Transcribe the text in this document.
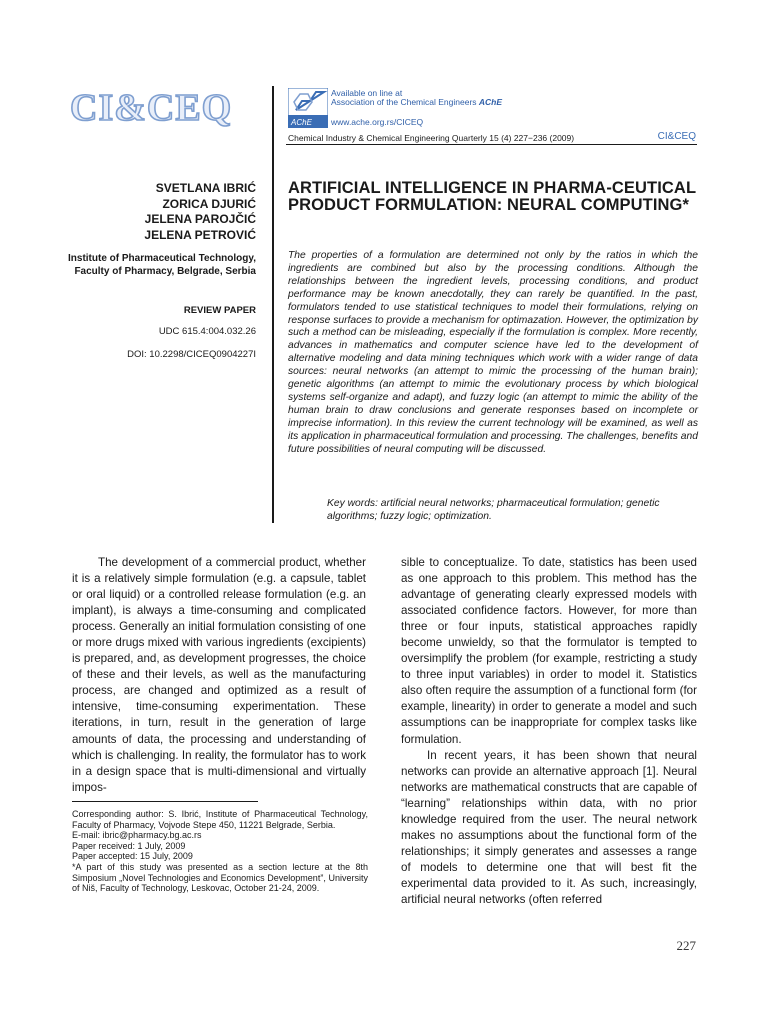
CI&CEQ	AChE
Available on line at
Association of the Chemical Engineers AChE
www.ache.org.rs/CICEQ
Chemical Industry & Chemical Engineering Quarterly 15 (4) 227−236 (2009)	CI&CEQ
SVETLANA IBRIĆ
ZORICA DJURIĆ
JELENA PAROJČIĆ
JELENA PETROVIĆ
Institute of Pharmaceutical Technology, Faculty of Pharmacy, Belgrade, Serbia
REVIEW PAPER
UDC 615.4:004.032.26
DOI: 10.2298/CICEQ0904227I
ARTIFICIAL INTELLIGENCE IN PHARMA-CEUTICAL PRODUCT FORMULATION: NEURAL COMPUTING*
The properties of a formulation are determined not only by the ratios in which the ingredients are combined but also by the processing conditions. Although the relationships between the ingredient levels, processing conditions, and product performance may be known anecdotally, they can rarely be quantified. In the past, formulators tended to use statistical techniques to model their formulations, relying on response surfaces to provide a mechanism for optimazation. However, the optimization by such a method can be misleading, especially if the formulation is complex. More recently, advances in mathematics and computer science have led to the development of alternative modeling and data mining techniques which work with a wider range of data sources: neural networks (an attempt to mimic the processing of the human brain); genetic algorithms (an attempt to mimic the evolutionary process by which biological systems self-organize and adapt), and fuzzy logic (an attempt to mimic the ability of the human brain to draw conclusions and generate responses based on incomplete or imprecise information). In this review the current technology will be examined, as well as its application in pharmaceutical formulation and processing. The challenges, benefits and future possibilities of neural computing will be discussed.
Key words: artificial neural networks; pharmaceutical formulation; genetic algorithms; fuzzy logic; optimization.

The development of a commercial product, whether it is a relatively simple formulation (e.g. a capsule, tablet or oral liquid) or a controlled release formulation (e.g. an implant), is always a time-consuming and complicated process. Generally an initial formulation consisting of one or more drugs mixed with various ingredients (excipients) is prepared, and, as development progresses, the choice of these and their levels, as well as the manufacturing process, are changed and optimized as a result of intensive, time-consuming experimentation. These iterations, in turn, result in the generation of large amounts of data, the processing and understanding of which is challenging. In reality, the formulator has to work in a design space that is multi-dimensional and virtually impos-

sible to conceptualize. To date, statistics has been used as one approach to this problem. This method has the advantage of generating clearly expressed models with associated confidence factors. However, for more than three or four inputs, statistical approaches rapidly become unwieldy, so that the formulator is tempted to oversimplify the problem (for example, restricting a study to three input variables) in order to model it. Statistics also often require the assumption of a functional form (for example, linearity) in order to generate a model and such assumptions can be inappropriate for complex tasks like formulation.

In recent years, it has been shown that neural networks can provide an alternative approach [1]. Neural networks are mathematical constructs that are capable of “learning” relationships within data, with no prior knowledge required from the user. The neural network makes no assumptions about the functional form of the relationships; it simply generates and assesses a range of models to determine one that will best fit the experimental data provided to it. As such, increasingly, artificial neural networks (often referred

Corresponding author: S. Ibrić, Institute of Pharmaceutical Technology, Faculty of Pharmacy, Vojvode Stepe 450, 11221 Belgrade, Serbia.
E-mail: ibric@pharmacy.bg.ac.rs
Paper received: 1 July, 2009
Paper accepted: 15 July, 2009
*A part of this study was presented as a section lecture at the 8th Simposium „Novel Technologies and Economics Development”, University of Niš, Faculty of Technology, Leskovac, October 21-24, 2009.
227
